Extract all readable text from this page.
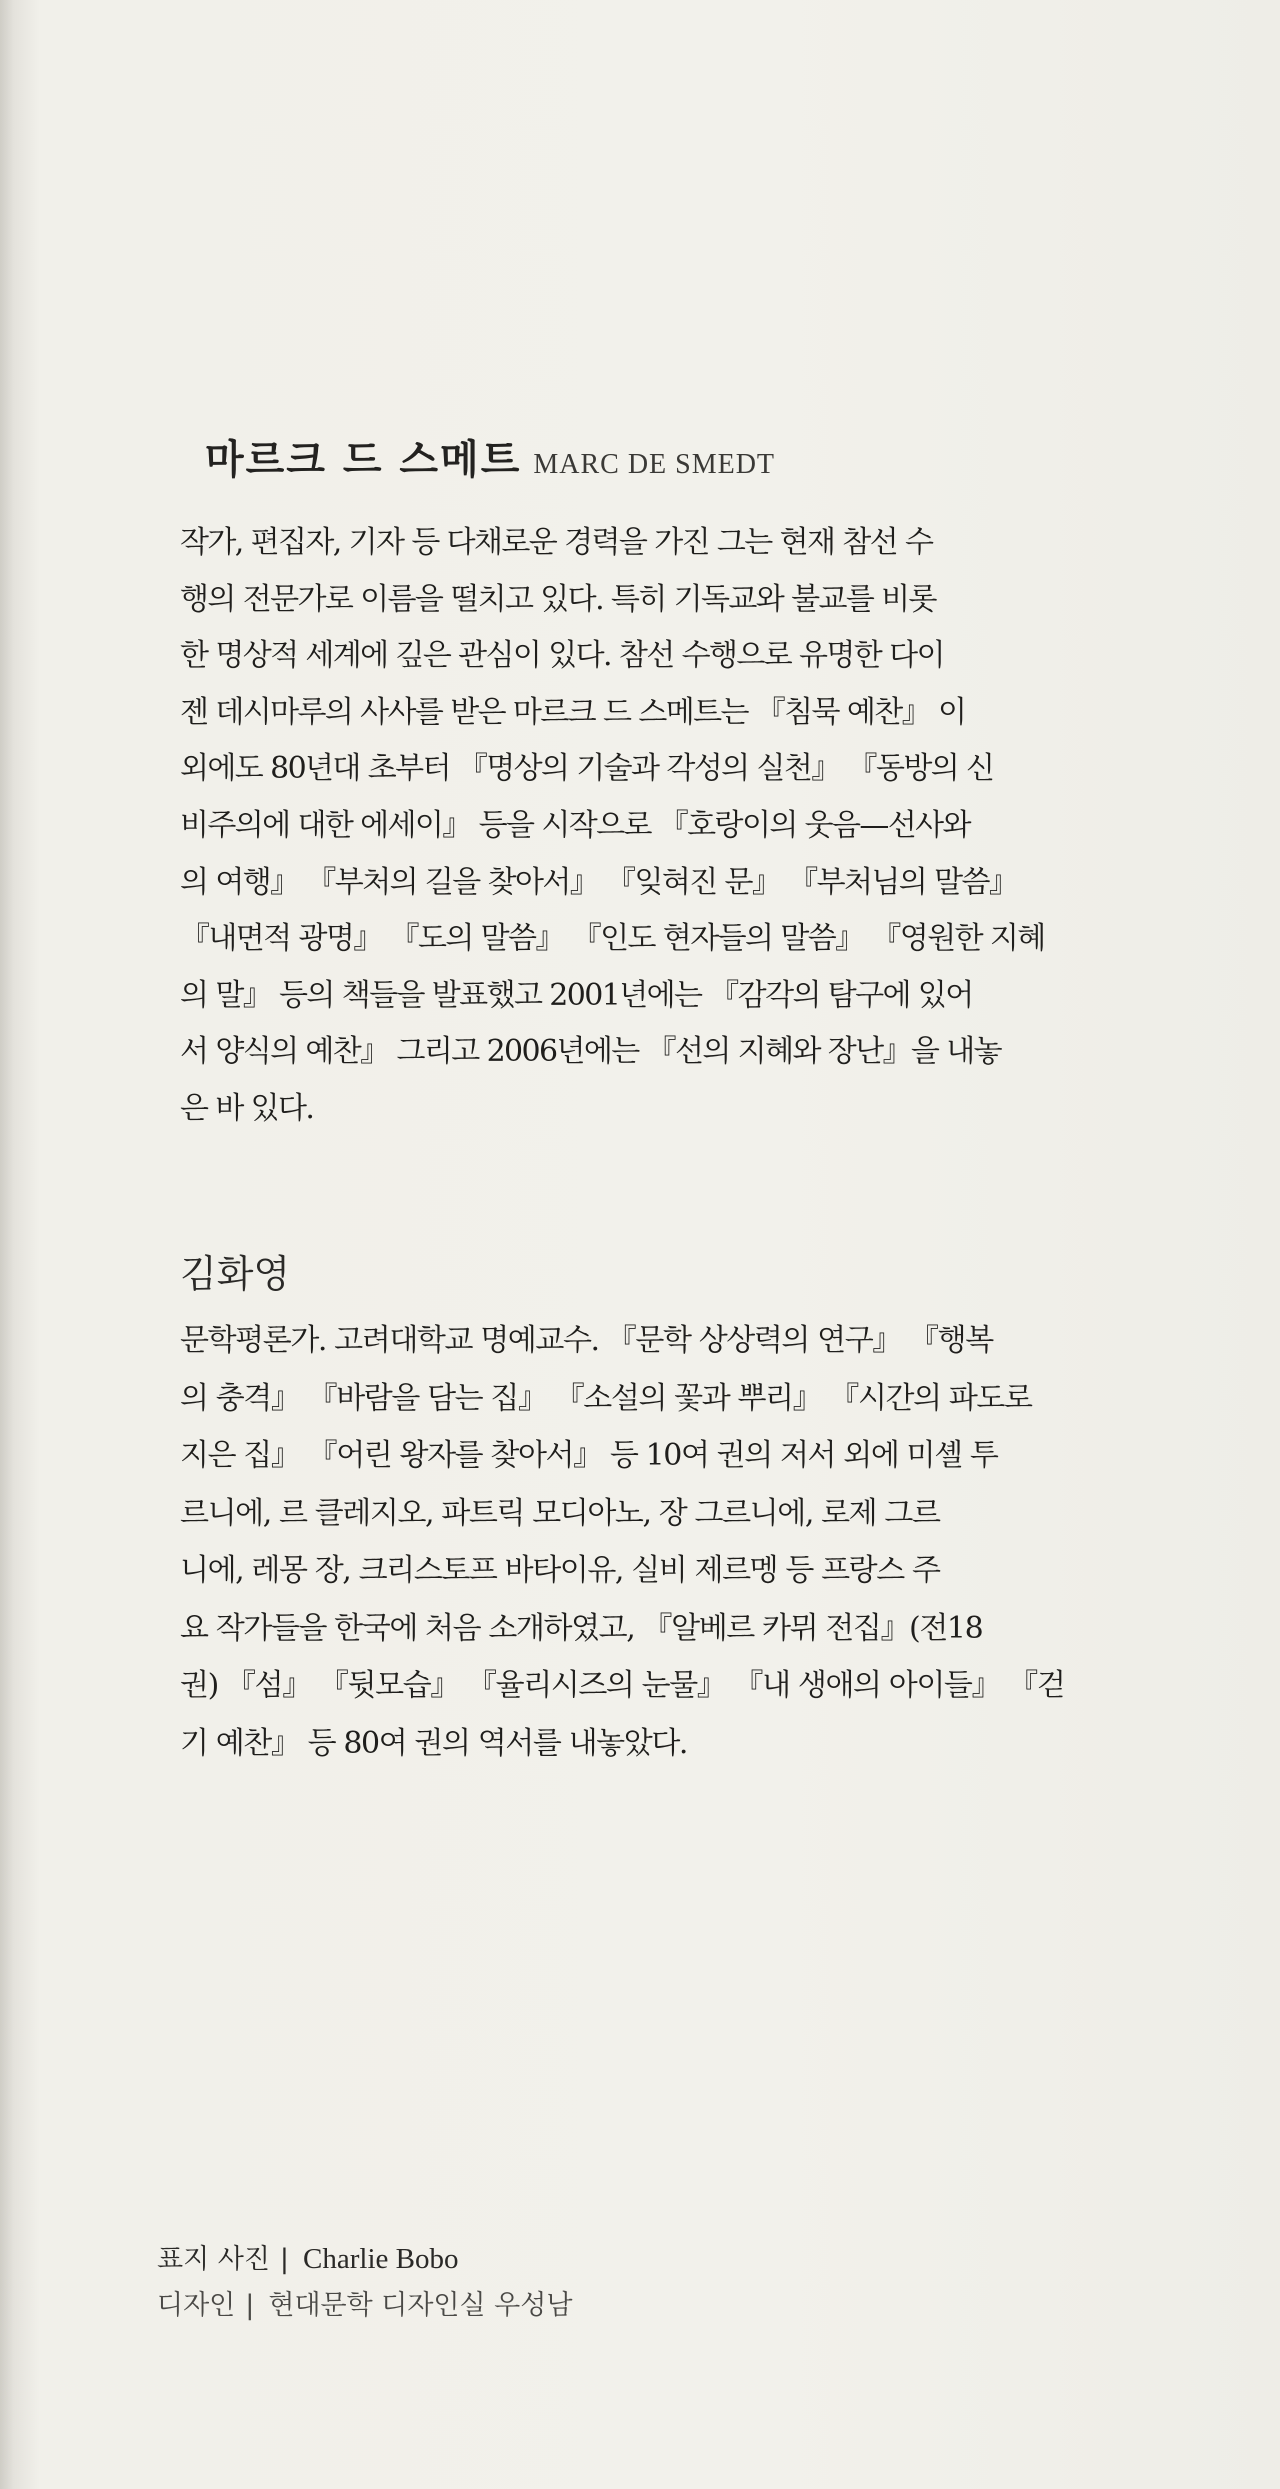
마르크 드 스메트 MARC DE SMEDT
작가, 편집자, 기자 등 다채로운 경력을 가진 그는 현재 참선 수
행의 전문가로 이름을 떨치고 있다. 특히 기독교와 불교를 비롯
한 명상적 세계에 깊은 관심이 있다. 참선 수행으로 유명한 다이
젠 데시마루의 사사를 받은 마르크 드 스메트는 『침묵 예찬』 이
외에도 80년대 초부터 『명상의 기술과 각성의 실천』 『동방의 신
비주의에 대한 에세이』 등을 시작으로 『호랑이의 웃음—선사와
의 여행』 『부처의 길을 찾아서』 『잊혀진 문』 『부처님의 말씀』
『내면적 광명』 『도의 말씀』 『인도 현자들의 말씀』 『영원한 지혜
의 말』 등의 책들을 발표했고 2001년에는 『감각의 탐구에 있어
서 양식의 예찬』 그리고 2006년에는 『선의 지혜와 장난』을 내놓
은 바 있다.
김화영
문학평론가. 고려대학교 명예교수. 『문학 상상력의 연구』 『행복
의 충격』 『바람을 담는 집』 『소설의 꽃과 뿌리』 『시간의 파도로
지은 집』 『어린 왕자를 찾아서』 등 10여 권의 저서 외에 미셸 투
르니에, 르 클레지오, 파트릭 모디아노, 장 그르니에, 로제 그르
니에, 레몽 장, 크리스토프 바타이유, 실비 제르멩 등 프랑스 주
요 작가들을 한국에 처음 소개하였고, 『알베르 카뮈 전집』(전18
권) 『섬』 『뒷모습』 『율리시즈의 눈물』 『내 생애의 아이들』 『걷
기 예찬』 등 80여 권의 역서를 내놓았다.
표지 사진 | Charlie Bobo
디자인 | 현대문학 디자인실 우성남
